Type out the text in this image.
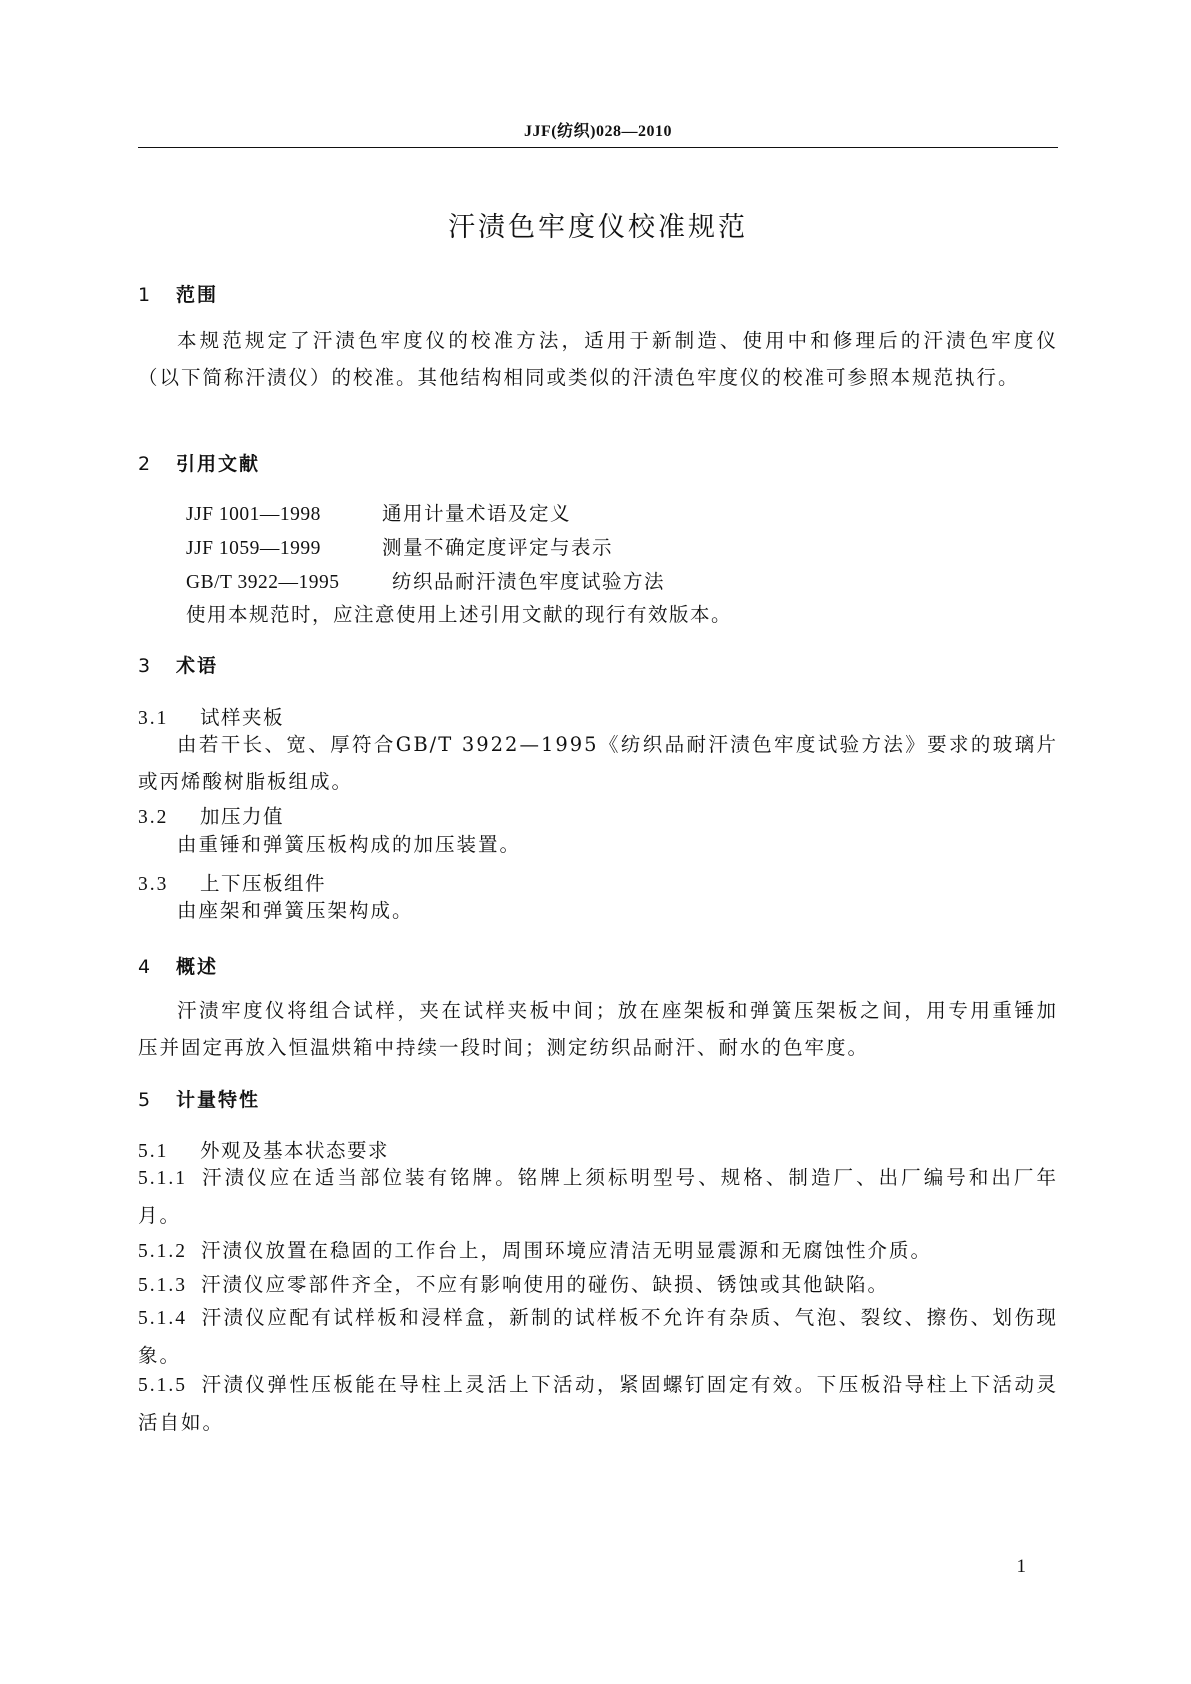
JJF(纺织)028—2010
汗渍色牢度仪校准规范
1 范围
本规范规定了汗渍色牢度仪的校准方法，适用于新制造、使用中和修理后的汗渍色牢度仪（以下简称汗渍仪）的校准。其他结构相同或类似的汗渍色牢度仪的校准可参照本规范执行。
2 引用文献
JJF 1001—1998	通用计量术语及定义
JJF 1059—1999	测量不确定度评定与表示
GB/T 3922—1995	纺织品耐汗渍色牢度试验方法
使用本规范时，应注意使用上述引用文献的现行有效版本。
3 术语
3.1 试样夹板
由若干长、宽、厚符合GB/T 3922—1995《纺织品耐汗渍色牢度试验方法》要求的玻璃片或丙烯酸树脂板组成。
3.2 加压力值
由重锤和弹簧压板构成的加压装置。
3.3 上下压板组件
由座架和弹簧压架构成。
4 概述
汗渍牢度仪将组合试样，夹在试样夹板中间；放在座架板和弹簧压架板之间，用专用重锤加压并固定再放入恒温烘箱中持续一段时间；测定纺织品耐汗、耐水的色牢度。
5 计量特性
5.1 外观及基本状态要求
5.1.1 汗渍仪应在适当部位装有铭牌。铭牌上须标明型号、规格、制造厂、出厂编号和出厂年月。
5.1.2 汗渍仪放置在稳固的工作台上，周围环境应清洁无明显震源和无腐蚀性介质。
5.1.3 汗渍仪应零部件齐全，不应有影响使用的碰伤、缺损、锈蚀或其他缺陷。
5.1.4 汗渍仪应配有试样板和浸样盒，新制的试样板不允许有杂质、气泡、裂纹、擦伤、划伤现象。
5.1.5 汗渍仪弹性压板能在导柱上灵活上下活动，紧固螺钉固定有效。下压板沿导柱上下活动灵活自如。
1
